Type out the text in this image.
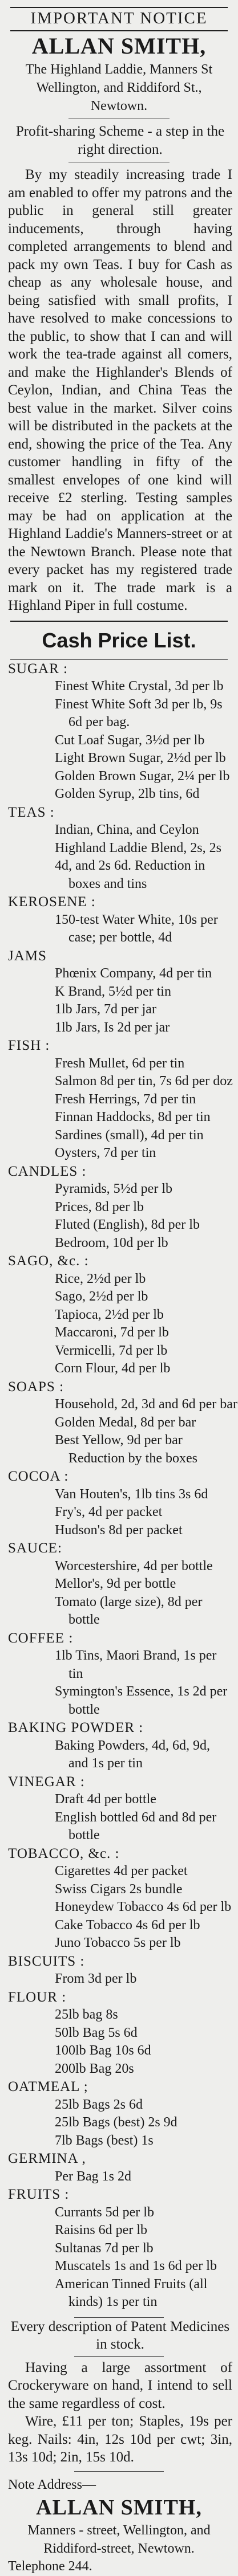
IMPORTANT NOTICE
ALLAN SMITH,
The Highland Laddie, Manners St
Wellington, and Riddiford St.,
Newtown.
Profit-sharing Scheme - a step in the right direction.
By my steadily increasing trade I am enabled to offer my patrons and the public in general still greater inducements, through having completed arrangements to blend and pack my own Teas. I buy for Cash as cheap as any wholesale house, and being satisfied with small profits, I have resolved to make concessions to the public, to show that I can and will work the tea-trade against all comers, and make the Highlander's Blends of Ceylon, Indian, and China Teas the best value in the market. Silver coins will be distributed in the packets at the end, showing the price of the Tea. Any customer handling in fifty of the smallest envelopes of one kind will receive £2 sterling. Testing samples may be had on application at the Highland Laddie's Manners-street or at the Newtown Branch. Please note that every packet has my registered trade mark on it. The trade mark is a Highland Piper in full costume.
Cash Price List.
SUGAR :
Finest White Crystal, 3d per lb
Finest White Soft 3d per lb, 9s
6d per bag.
Cut Loaf Sugar, 3½d per lb
Light Brown Sugar, 2½d per lb
Golden Brown Sugar, 2¼ per lb
Golden Syrup, 2lb tins, 6d
TEAS :
Indian, China, and Ceylon
Highland Laddie Blend, 2s, 2s
4d, and 2s 6d. Reduction in
boxes and tins
KEROSENE :
150-test Water White, 10s per
case; per bottle, 4d
JAMS
Phœnix Company, 4d per tin
K Brand, 5½d per tin
1lb Jars, 7d per jar
1lb Jars, Is 2d per jar
FISH :
Fresh Mullet, 6d per tin
Salmon 8d per tin, 7s 6d per doz
Fresh Herrings, 7d per tin
Finnan Haddocks, 8d per tin
Sardines (small), 4d per tin
Oysters, 7d per tin
CANDLES :
Pyramids, 5½d per lb
Prices, 8d per lb
Fluted (English), 8d per lb
Bedroom, 10d per lb
SAGO, &c. :
Rice, 2½d per lb
Sago, 2½d per lb
Tapioca, 2½d per lb
Maccaroni, 7d per lb
Vermicelli, 7d per lb
Corn Flour, 4d per lb
SOAPS :
Household, 2d, 3d and 6d per bar
Golden Medal, 8d per bar
Best Yellow, 9d per bar
Reduction by the boxes
COCOA :
Van Houten's, 1lb tins 3s 6d
Fry's, 4d per packet
Hudson's 8d per packet
SAUCE:
Worcestershire, 4d per bottle
Mellor's, 9d per bottle
Tomato (large size), 8d per
bottle
COFFEE :
1lb Tins, Maori Brand, 1s per
tin
Symington's Essence, 1s 2d per
bottle
BAKING POWDER :
Baking Powders, 4d, 6d, 9d,
and 1s per tin
VINEGAR :
Draft 4d per bottle
English bottled 6d and 8d per
bottle
TOBACCO, &c. :
Cigarettes 4d per packet
Swiss Cigars 2s bundle
Honeydew Tobacco 4s 6d per lb
Cake Tobacco 4s 6d per lb
Juno Tobacco 5s per lb
BISCUITS :
From 3d per lb
FLOUR :
25lb bag 8s
50lb Bag 5s 6d
100lb Bag 10s 6d
200lb Bag 20s
OATMEAL ;
25lb Bags 2s 6d
25lb Bags (best) 2s 9d
7lb Bags (best) 1s
GERMINA ,
Per Bag 1s 2d
FRUITS :
Currants 5d per lb
Raisins 6d per lb
Sultanas 7d per lb
Muscatels 1s and 1s 6d per lb
American Tinned Fruits (all
kinds) 1s per tin
Every description of Patent Medicines in stock.
Having a large assortment of Crockeryware on hand, I intend to sell the same regardless of cost.
Wire, £11 per ton; Staples, 19s per keg. Nails: 4in, 12s 10d per cwt; 3in, 13s 10d; 2in, 15s 10d.
Note Address—
ALLAN SMITH,
Manners - street, Wellington, and
Riddiford-street, Newtown.
Telephone 244.
